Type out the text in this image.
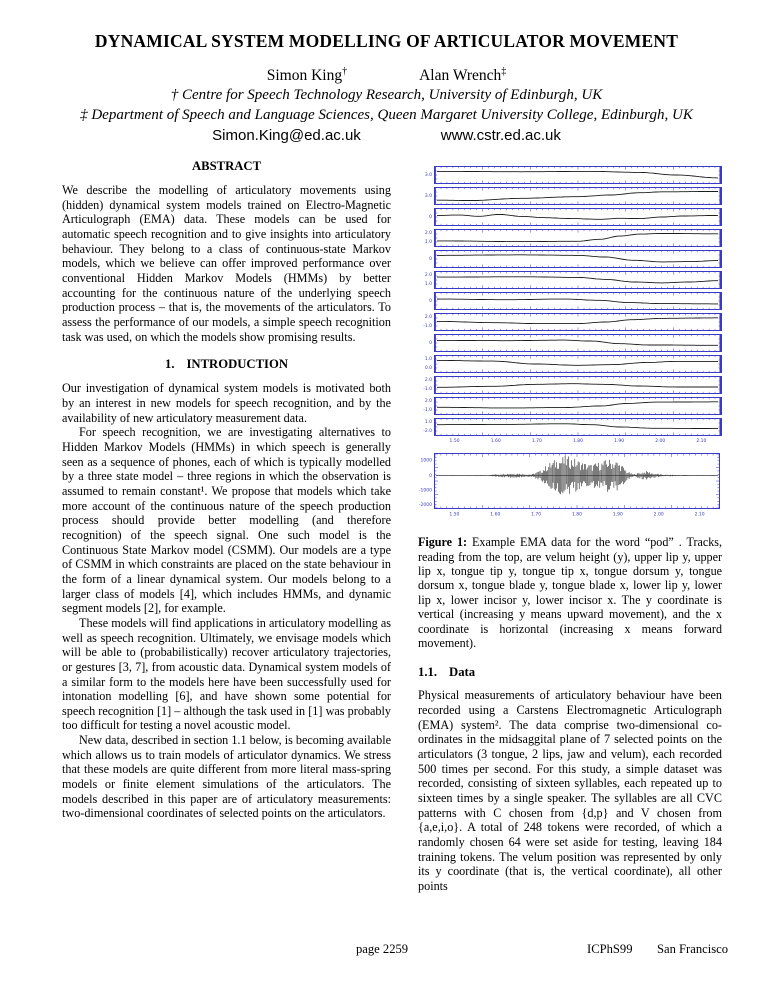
DYNAMICAL SYSTEM MODELLING OF ARTICULATOR MOVEMENT
Simon King†	Alan Wrench‡
† Centre for Speech Technology Research, University of Edinburgh, UK
‡ Department of Speech and Language Sciences, Queen Margaret University College, Edinburgh, UK
Simon.King@ed.ac.uk	www.cstr.ed.ac.uk
ABSTRACT

We describe the modelling of articulatory movements using (hidden) dynamical system models trained on Electro-Magnetic Articulograph (EMA) data. These models can be used for automatic speech recognition and to give insights into articulatory behaviour. They belong to a class of continuous-state Markov models, which we believe can offer improved performance over conventional Hidden Markov Models (HMMs) by better accounting for the continuous nature of the underlying speech production process – that is, the movements of the articulators. To assess the performance of our models, a simple speech recognition task was used, on which the models show promising results.

1. INTRODUCTION

Our investigation of dynamical system models is motivated both by an interest in new models for speech recognition, and by the availability of new articulatory measurement data.

For speech recognition, we are investigating alternatives to Hidden Markov Models (HMMs) in which speech is generally seen as a sequence of phones, each of which is typically modelled by a three state model – three regions in which the observation is assumed to remain constant¹. We propose that models which take more account of the continuous nature of the speech production process should provide better modelling (and therefore recognition) of the speech signal. One such model is the Continuous State Markov model (CSMM). Our models are a type of CSMM in which constraints are placed on the state behaviour in the form of a linear dynamical system. Our models belong to a larger class of models [4], which includes HMMs, and dynamic segment models [2], for example.

These models will find applications in articulatory modelling as well as speech recognition. Ultimately, we envisage models which will be able to (probabilistically) recover articulatory trajectories, or gestures [3, 7], from acoustic data. Dynamical system models of a similar form to the models here have been successfully used for intonation modelling [6], and have shown some potential for speech recognition [1] – although the task used in [1] was probably too difficult for testing a novel acoustic model.

New data, described in section 1.1 below, is becoming available which allows us to train models of articulator dynamics. We stress that these models are quite different from more literal mass-spring models or finite element simulations of the articulators. The models described in this paper are of articulatory measurements: two-dimensional coordinates of selected points on the articulators.

3.0
3.0
0
2.0
1.0
0
2.0
1.0
0
2.0
-1.0
0
1.0
0.0
2.0
-1.0
2.0
-1.0
1.0
-2.0
1.50	1.60	1.70	1.80	1.90	2.00	2.10
1000
0
-1000
-2000
1.50	1.60	1.70	1.80	1.90	2.00	2.10

Figure 1: Example EMA data for the word “pod” . Tracks, reading from the top, are velum height (y), upper lip y, upper lip x, tongue tip y, tongue tip x, tongue dorsum y, tongue dorsum x, tongue blade y, tongue blade x, lower lip y, lower lip x, lower incisor y, lower incisor x. The y coordinate is vertical (increasing y means upward movement), and the x coordinate is horizontal (increasing x means forward movement).

1.1. Data

Physical measurements of articulatory behaviour have been recorded using a Carstens Electromagnetic Articulograph (EMA) system². The data comprise two-dimensional co-ordinates in the midsaggital plane of 7 selected points on the articulators (3 tongue, 2 lips, jaw and velum), each recorded 500 times per second. For this study, a simple dataset was recorded, consisting of sixteen syllables, each repeated up to sixteen times by a single speaker. The syllables are all CVC patterns with C chosen from {d,p} and V chosen from {a,e,i,o}. A total of 248 tokens were recorded, of which a randomly chosen 64 were set aside for testing, leaving 184 training tokens. The velum position was represented by only its y coordinate (that is, the vertical coordinate), all other points

page 2259	ICPhS99 San Francisco
